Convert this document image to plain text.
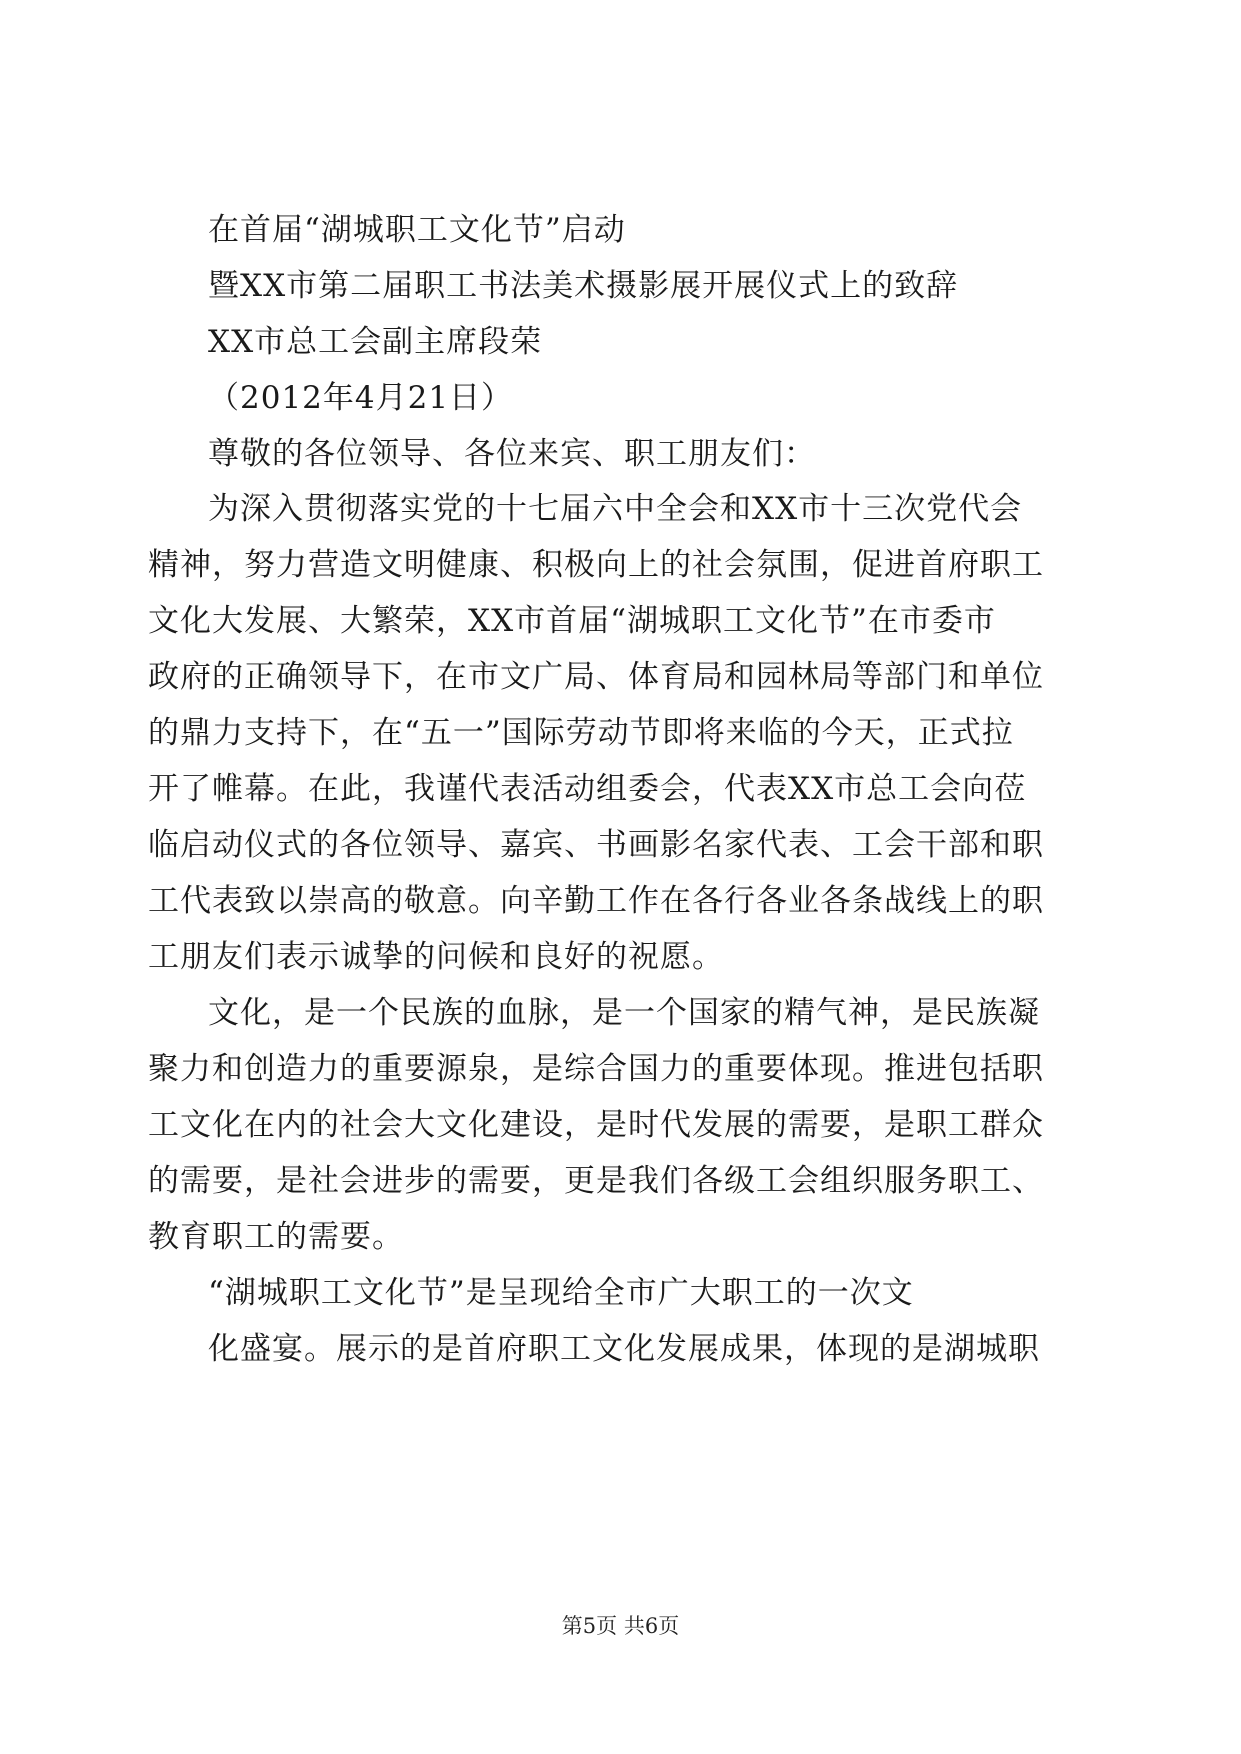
在首届“湖城职工文化节”启动
暨XX市第二届职工书法美术摄影展开展仪式上的致辞
XX市总工会副主席段荣
（2012年4月21日）
尊敬的各位领导、各位来宾、职工朋友们：
为深入贯彻落实党的十七届六中全会和XX市十三次党代会
精神，努力营造文明健康、积极向上的社会氛围，促进首府职工
文化大发展、大繁荣，XX市首届“湖城职工文化节”在市委市
政府的正确领导下，在市文广局、体育局和园林局等部门和单位
的鼎力支持下，在“五一”国际劳动节即将来临的今天，正式拉
开了帷幕。在此，我谨代表活动组委会，代表XX市总工会向莅
临启动仪式的各位领导、嘉宾、书画影名家代表、工会干部和职
工代表致以崇高的敬意。向辛勤工作在各行各业各条战线上的职
工朋友们表示诚挚的问候和良好的祝愿。
文化，是一个民族的血脉，是一个国家的精气神，是民族凝
聚力和创造力的重要源泉，是综合国力的重要体现。推进包括职
工文化在内的社会大文化建设，是时代发展的需要，是职工群众
的需要，是社会进步的需要，更是我们各级工会组织服务职工、
教育职工的需要。
“湖城职工文化节”是呈现给全市广大职工的一次文
化盛宴。展示的是首府职工文化发展成果，体现的是湖城职
第5页 共6页
